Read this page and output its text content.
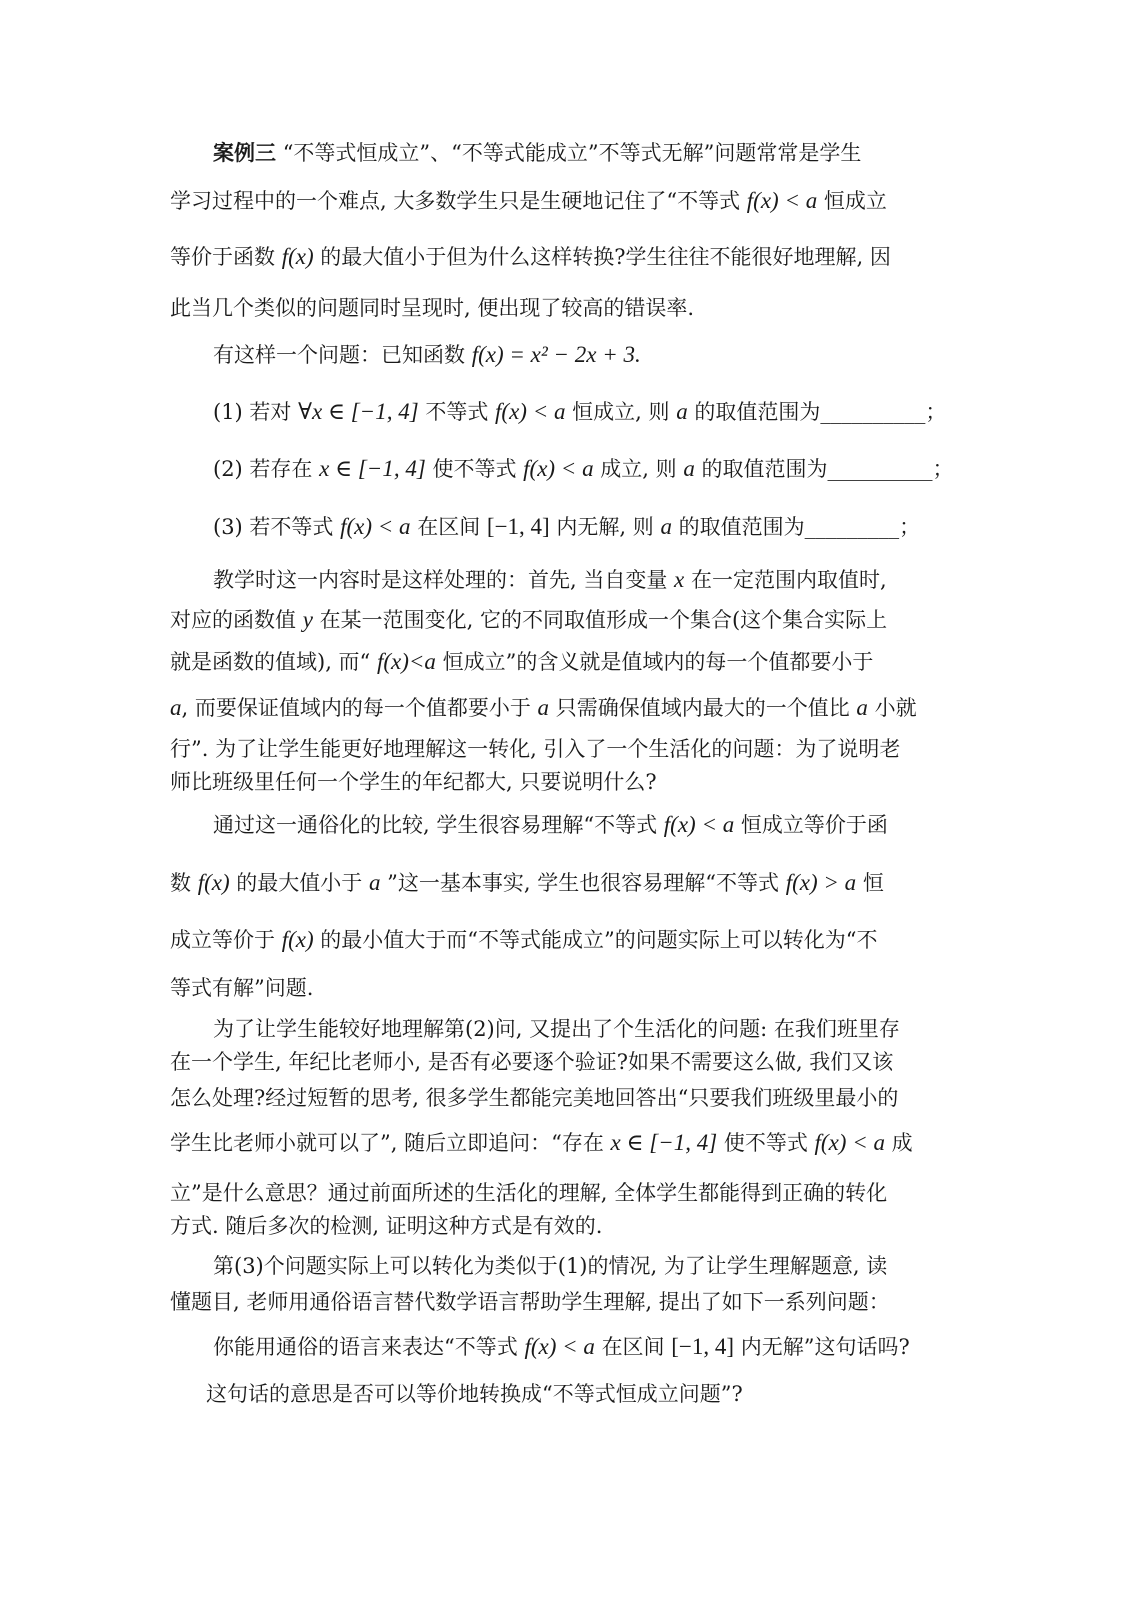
案例三 “不等式恒成立”、“不等式能成立”不等式无解”问题常常是学生
学习过程中的一个难点, 大多数学生只是生硬地记住了“不等式 f(x) < a 恒成立
等价于函数 f(x) 的最大值小于但为什么这样转换?学生往往不能很好地理解, 因
此当几个类似的问题同时呈现时, 便出现了较高的错误率.
有这样一个问题：已知函数 f(x) = x² − 2x + 3.
(1) 若对 ∀x ∈ [−1, 4] 不等式 f(x) < a 恒成立, 则 a 的取值范围为__________；
(2) 若存在 x ∈ [−1, 4] 使不等式 f(x) < a 成立, 则 a 的取值范围为__________；
(3) 若不等式 f(x) < a 在区间 [−1, 4] 内无解, 则 a 的取值范围为_________；
教学时这一内容时是这样处理的：首先, 当自变量 x 在一定范围内取值时,
对应的函数值 y 在某一范围变化, 它的不同取值形成一个集合(这个集合实际上
就是函数的值域), 而“ f(x)<a 恒成立”的含义就是值域内的每一个值都要小于
a, 而要保证值域内的每一个值都要小于 a 只需确保值域内最大的一个值比 a 小就
行”. 为了让学生能更好地理解这一转化, 引入了一个生活化的问题：为了说明老
师比班级里任何一个学生的年纪都大, 只要说明什么?
通过这一通俗化的比较, 学生很容易理解“不等式 f(x) < a 恒成立等价于函
数 f(x) 的最大值小于 a ”这一基本事实, 学生也很容易理解“不等式 f(x) > a 恒
成立等价于 f(x) 的最小值大于而“不等式能成立”的问题实际上可以转化为“不
等式有解”问题.
为了让学生能较好地理解第(2)问, 又提出了个生活化的问题: 在我们班里存
在一个学生, 年纪比老师小, 是否有必要逐个验证?如果不需要这么做, 我们又该
怎么处理?经过短暂的思考, 很多学生都能完美地回答出“只要我们班级里最小的
学生比老师小就可以了”, 随后立即追问：“存在 x ∈ [−1, 4] 使不等式 f(x) < a 成
立”是什么意思？通过前面所述的生活化的理解, 全体学生都能得到正确的转化
方式. 随后多次的检测, 证明这种方式是有效的.
第(3)个问题实际上可以转化为类似于(1)的情况, 为了让学生理解题意, 读
懂题目, 老师用通俗语言替代数学语言帮助学生理解, 提出了如下一系列问题：
你能用通俗的语言来表达“不等式 f(x) < a 在区间 [−1, 4] 内无解”这句话吗?
这句话的意思是否可以等价地转换成“不等式恒成立问题”?
